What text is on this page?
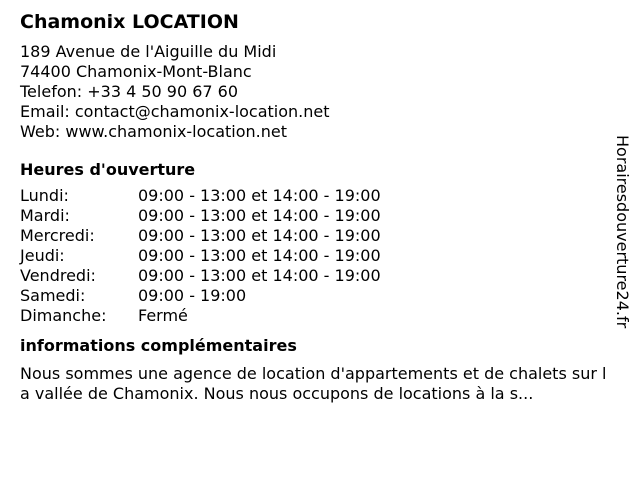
Chamonix LOCATION
189 Avenue de l'Aiguille du Midi
74400 Chamonix-Mont-Blanc
Telefon: +33 4 50 90 67 60
Email: contact@chamonix-location.net
Web: www.chamonix-location.net
Heures d'ouverture
Lundi:	09:00 - 13:00 et 14:00 - 19:00
Mardi:	09:00 - 13:00 et 14:00 - 19:00
Mercredi:	09:00 - 13:00 et 14:00 - 19:00
Jeudi:	09:00 - 13:00 et 14:00 - 19:00
Vendredi:	09:00 - 13:00 et 14:00 - 19:00
Samedi:	09:00 - 19:00
Dimanche: Fermé
informations complémentaires
Nous sommes une agence de location d'appartements et de chalets sur la vallée de Chamonix. Nous nous occupons de locations à la s...
Horairesdouverture24.fr
